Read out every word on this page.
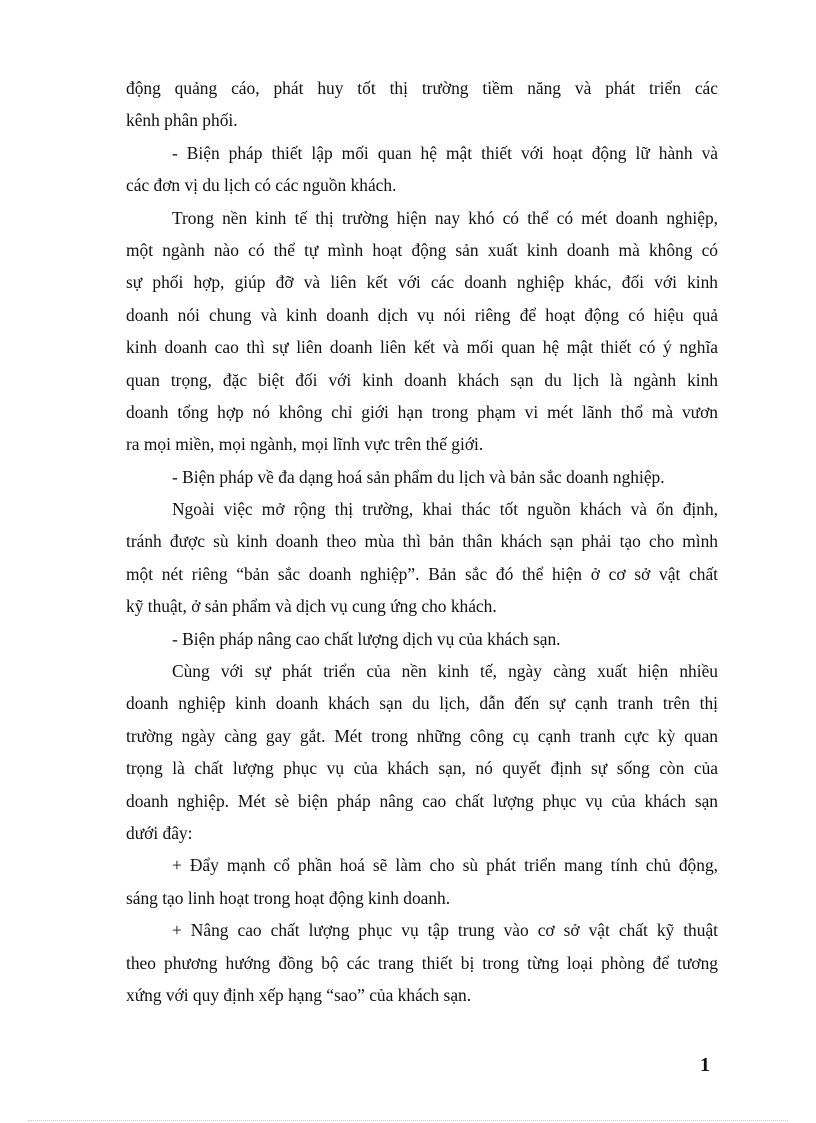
động quảng cáo, phát huy tốt thị trường tiềm năng và phát triển các
kênh phân phối.
- Biện pháp thiết lập mối quan hệ mật thiết với hoạt động lữ hành và
các đơn vị du lịch có các nguồn khách.
Trong nền kinh tế thị trường hiện nay khó có thể có mét doanh nghiệp,
một ngành nào có thể tự mình hoạt động sản xuất kinh doanh mà không có
sự phối hợp, giúp đỡ và liên kết với các doanh nghiệp khác, đối với kinh
doanh nói chung và kinh doanh dịch vụ nói riêng để hoạt động có hiệu quả
kinh doanh cao thì sự liên doanh liên kết và mối quan hệ mật thiết có ý nghĩa
quan trọng, đặc biệt đối với kinh doanh khách sạn du lịch là ngành kinh
doanh tổng hợp nó không chỉ giới hạn trong phạm vi mét lãnh thổ mà vươn
ra mọi miền, mọi ngành, mọi lĩnh vực trên thế giới.
- Biện pháp về đa dạng hoá sản phẩm du lịch và bản sắc doanh nghiệp.
Ngoài việc mở rộng thị trường, khai thác tốt nguồn khách và ổn định,
tránh được sù kinh doanh theo mùa thì bản thân khách sạn phải tạo cho mình
một nét riêng “bản sắc doanh nghiệp”. Bản sắc đó thể hiện ở cơ sở vật chất
kỹ thuật, ở sản phẩm và dịch vụ cung ứng cho khách.
- Biện pháp nâng cao chất lượng dịch vụ của khách sạn.
Cùng với sự phát triển của nền kinh tế, ngày càng xuất hiện nhiều
doanh nghiệp kinh doanh khách sạn du lịch, dẫn đến sự cạnh tranh trên thị
trường ngày càng gay gắt. Mét trong những công cụ cạnh tranh cực kỳ quan
trọng là chất lượng phục vụ của khách sạn, nó quyết định sự sống còn của
doanh nghiệp. Mét sè biện pháp nâng cao chất lượng phục vụ của khách sạn
dưới đây:
+ Đẩy mạnh cổ phần hoá sẽ làm cho sù phát triển mang tính chủ động,
sáng tạo linh hoạt trong hoạt động kinh doanh.
+ Nâng cao chất lượng phục vụ tập trung vào cơ sở vật chất kỹ thuật
theo phương hướng đồng bộ các trang thiết bị trong từng loại phòng để tương
xứng với quy định xếp hạng “sao” của khách sạn.
1
